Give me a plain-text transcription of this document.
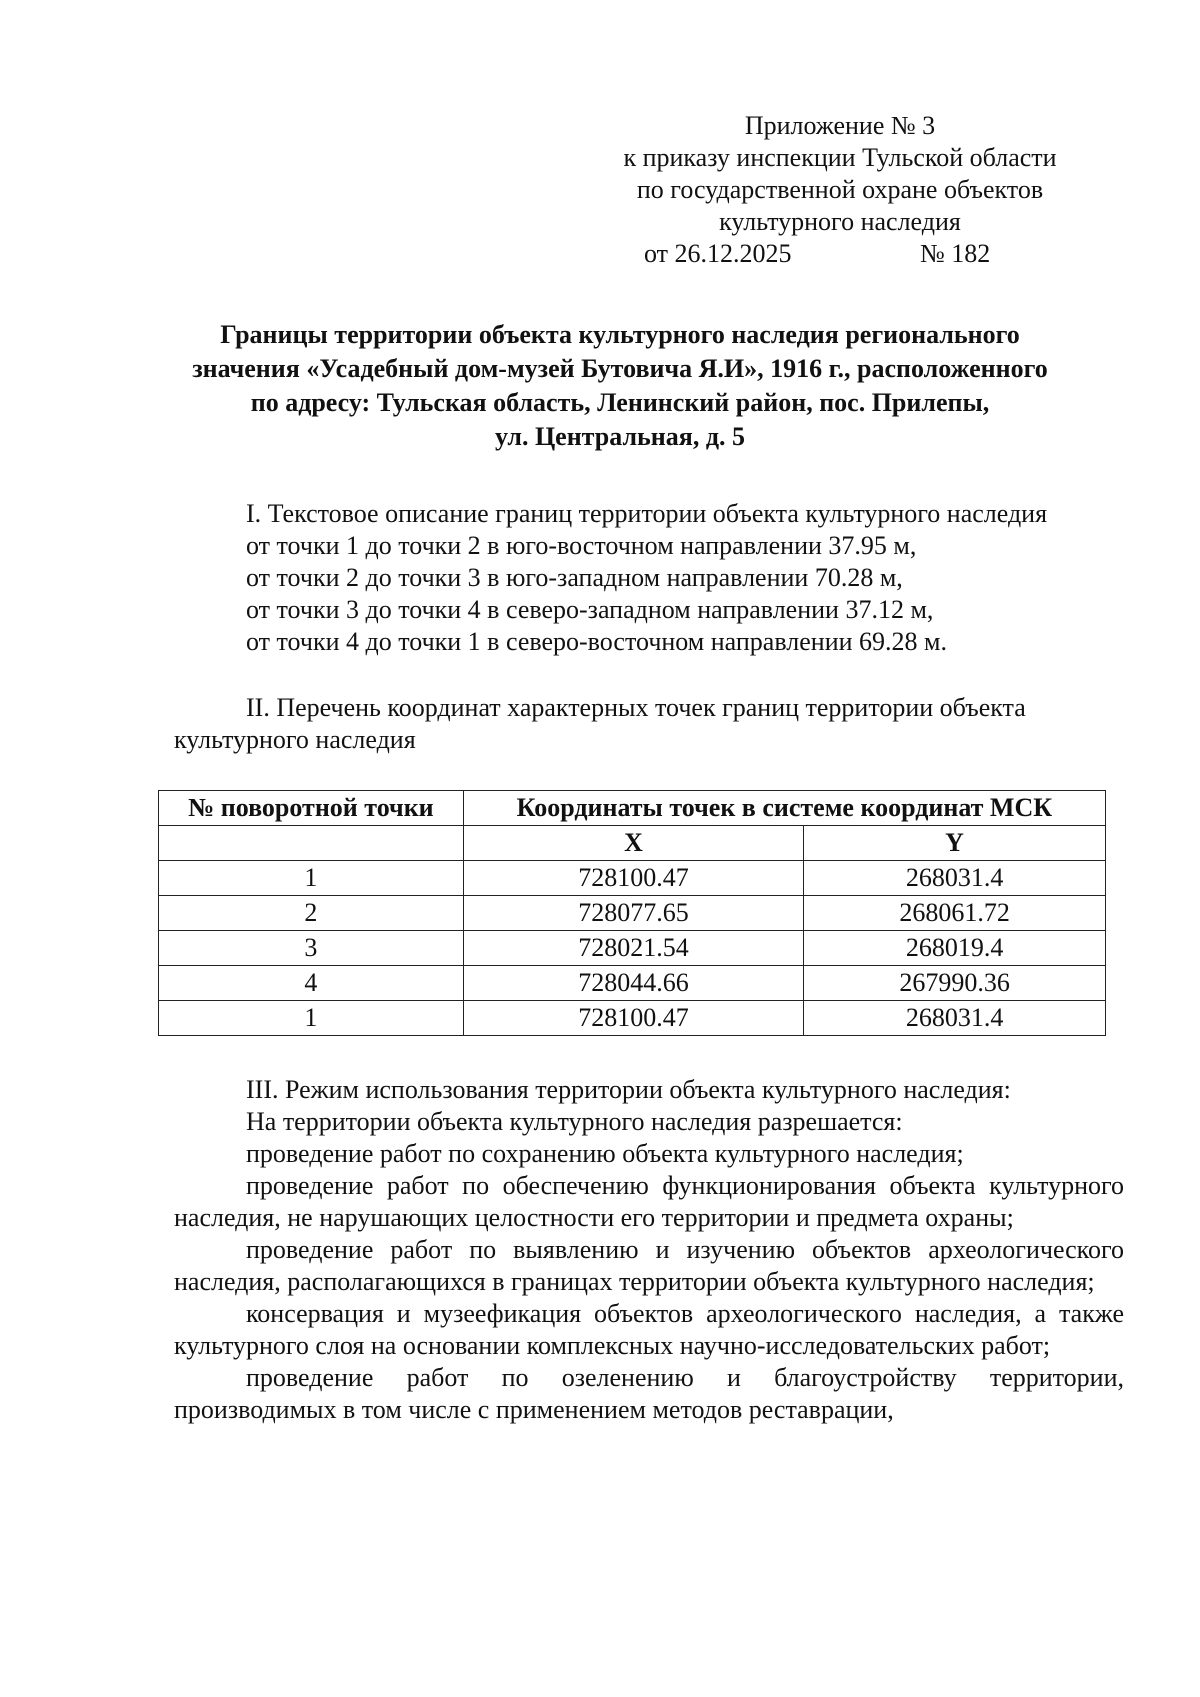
Приложение № 3
к приказу инспекции Тульской области
по государственной охране объектов
культурного наследия
от 26.12.2025	№ 182
Границы территории объекта культурного наследия регионального
значения «Усадебный дом-музей Бутовича Я.И», 1916 г., расположенного
по адресу: Тульская область, Ленинский район, пос. Прилепы,
ул. Центральная, д. 5
I. Текстовое описание границ территории объекта культурного наследия
от точки 1 до точки 2 в юго-восточном направлении 37.95 м,
от точки 2 до точки 3 в юго-западном направлении 70.28 м,
от точки 3 до точки 4 в северо-западном направлении 37.12 м,
от точки 4 до точки 1 в северо-восточном направлении 69.28 м.
II. Перечень координат характерных точек границ территории объекта культурного наследия
№ поворотной точки	Координаты точек в системе координат МСК	
	X	Y
1	728100.47	268031.4
2	728077.65	268061.72
3	728021.54	268019.4
4	728044.66	267990.36
1	728100.47	268031.4

III. Режим использования территории объекта культурного наследия:

На территории объекта культурного наследия разрешается:

проведение работ по сохранению объекта культурного наследия;

проведение работ по обеспечению функционирования объекта культурного наследия, не нарушающих целостности его территории и предмета охраны;

проведение работ по выявлению и изучению объектов археологического наследия, располагающихся в границах территории объекта культурного наследия;

консервация и музеефикация объектов археологического наследия, а также культурного слоя на основании комплексных научно-исследовательских работ;

проведение работ по озеленению и благоустройству территории, производимых в том числе с применением методов реставрации,
